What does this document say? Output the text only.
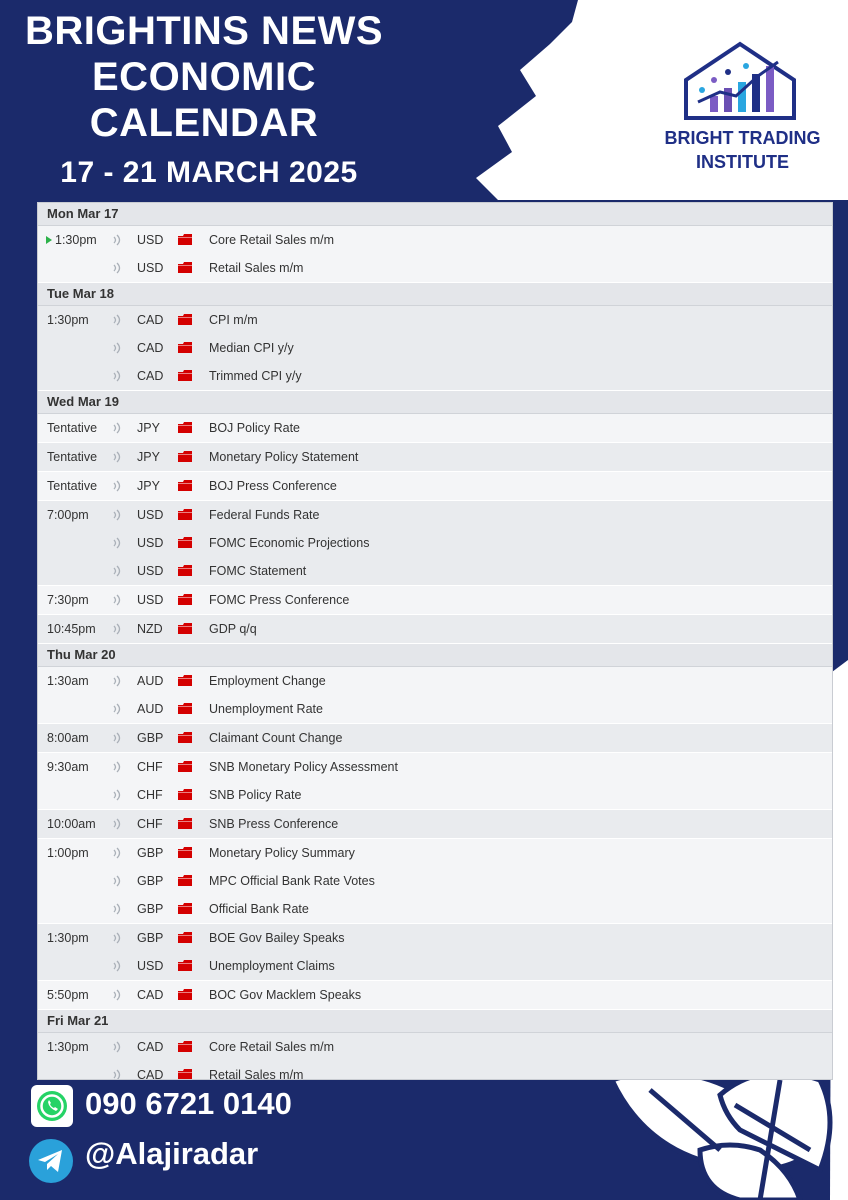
BRIGHTINS NEWS
ECONOMIC
CALENDAR
17 - 21 MARCH 2025
BRIGHT TRADING
INSTITUTE
Mon Mar 17
1:30pm	USD	Core Retail Sales m/m
USD	Retail Sales m/m
Tue Mar 18
1:30pm	CAD	CPI m/m
CAD	Median CPI y/y
CAD	Trimmed CPI y/y
Wed Mar 19
Tentative	JPY	BOJ Policy Rate
Tentative	JPY	Monetary Policy Statement
Tentative	JPY	BOJ Press Conference
7:00pm	USD	Federal Funds Rate
USD	FOMC Economic Projections
USD	FOMC Statement
7:30pm	USD	FOMC Press Conference
10:45pm	NZD	GDP q/q
Thu Mar 20
1:30am	AUD	Employment Change
AUD	Unemployment Rate
8:00am	GBP	Claimant Count Change
9:30am	CHF	SNB Monetary Policy Assessment
CHF	SNB Policy Rate
10:00am	CHF	SNB Press Conference
1:00pm	GBP	Monetary Policy Summary
GBP	MPC Official Bank Rate Votes
GBP	Official Bank Rate
1:30pm	GBP	BOE Gov Bailey Speaks
USD	Unemployment Claims
5:50pm	CAD	BOC Gov Macklem Speaks
Fri Mar 21
1:30pm	CAD	Core Retail Sales m/m
CAD	Retail Sales m/m
090 6721 0140
@Alajiradar
